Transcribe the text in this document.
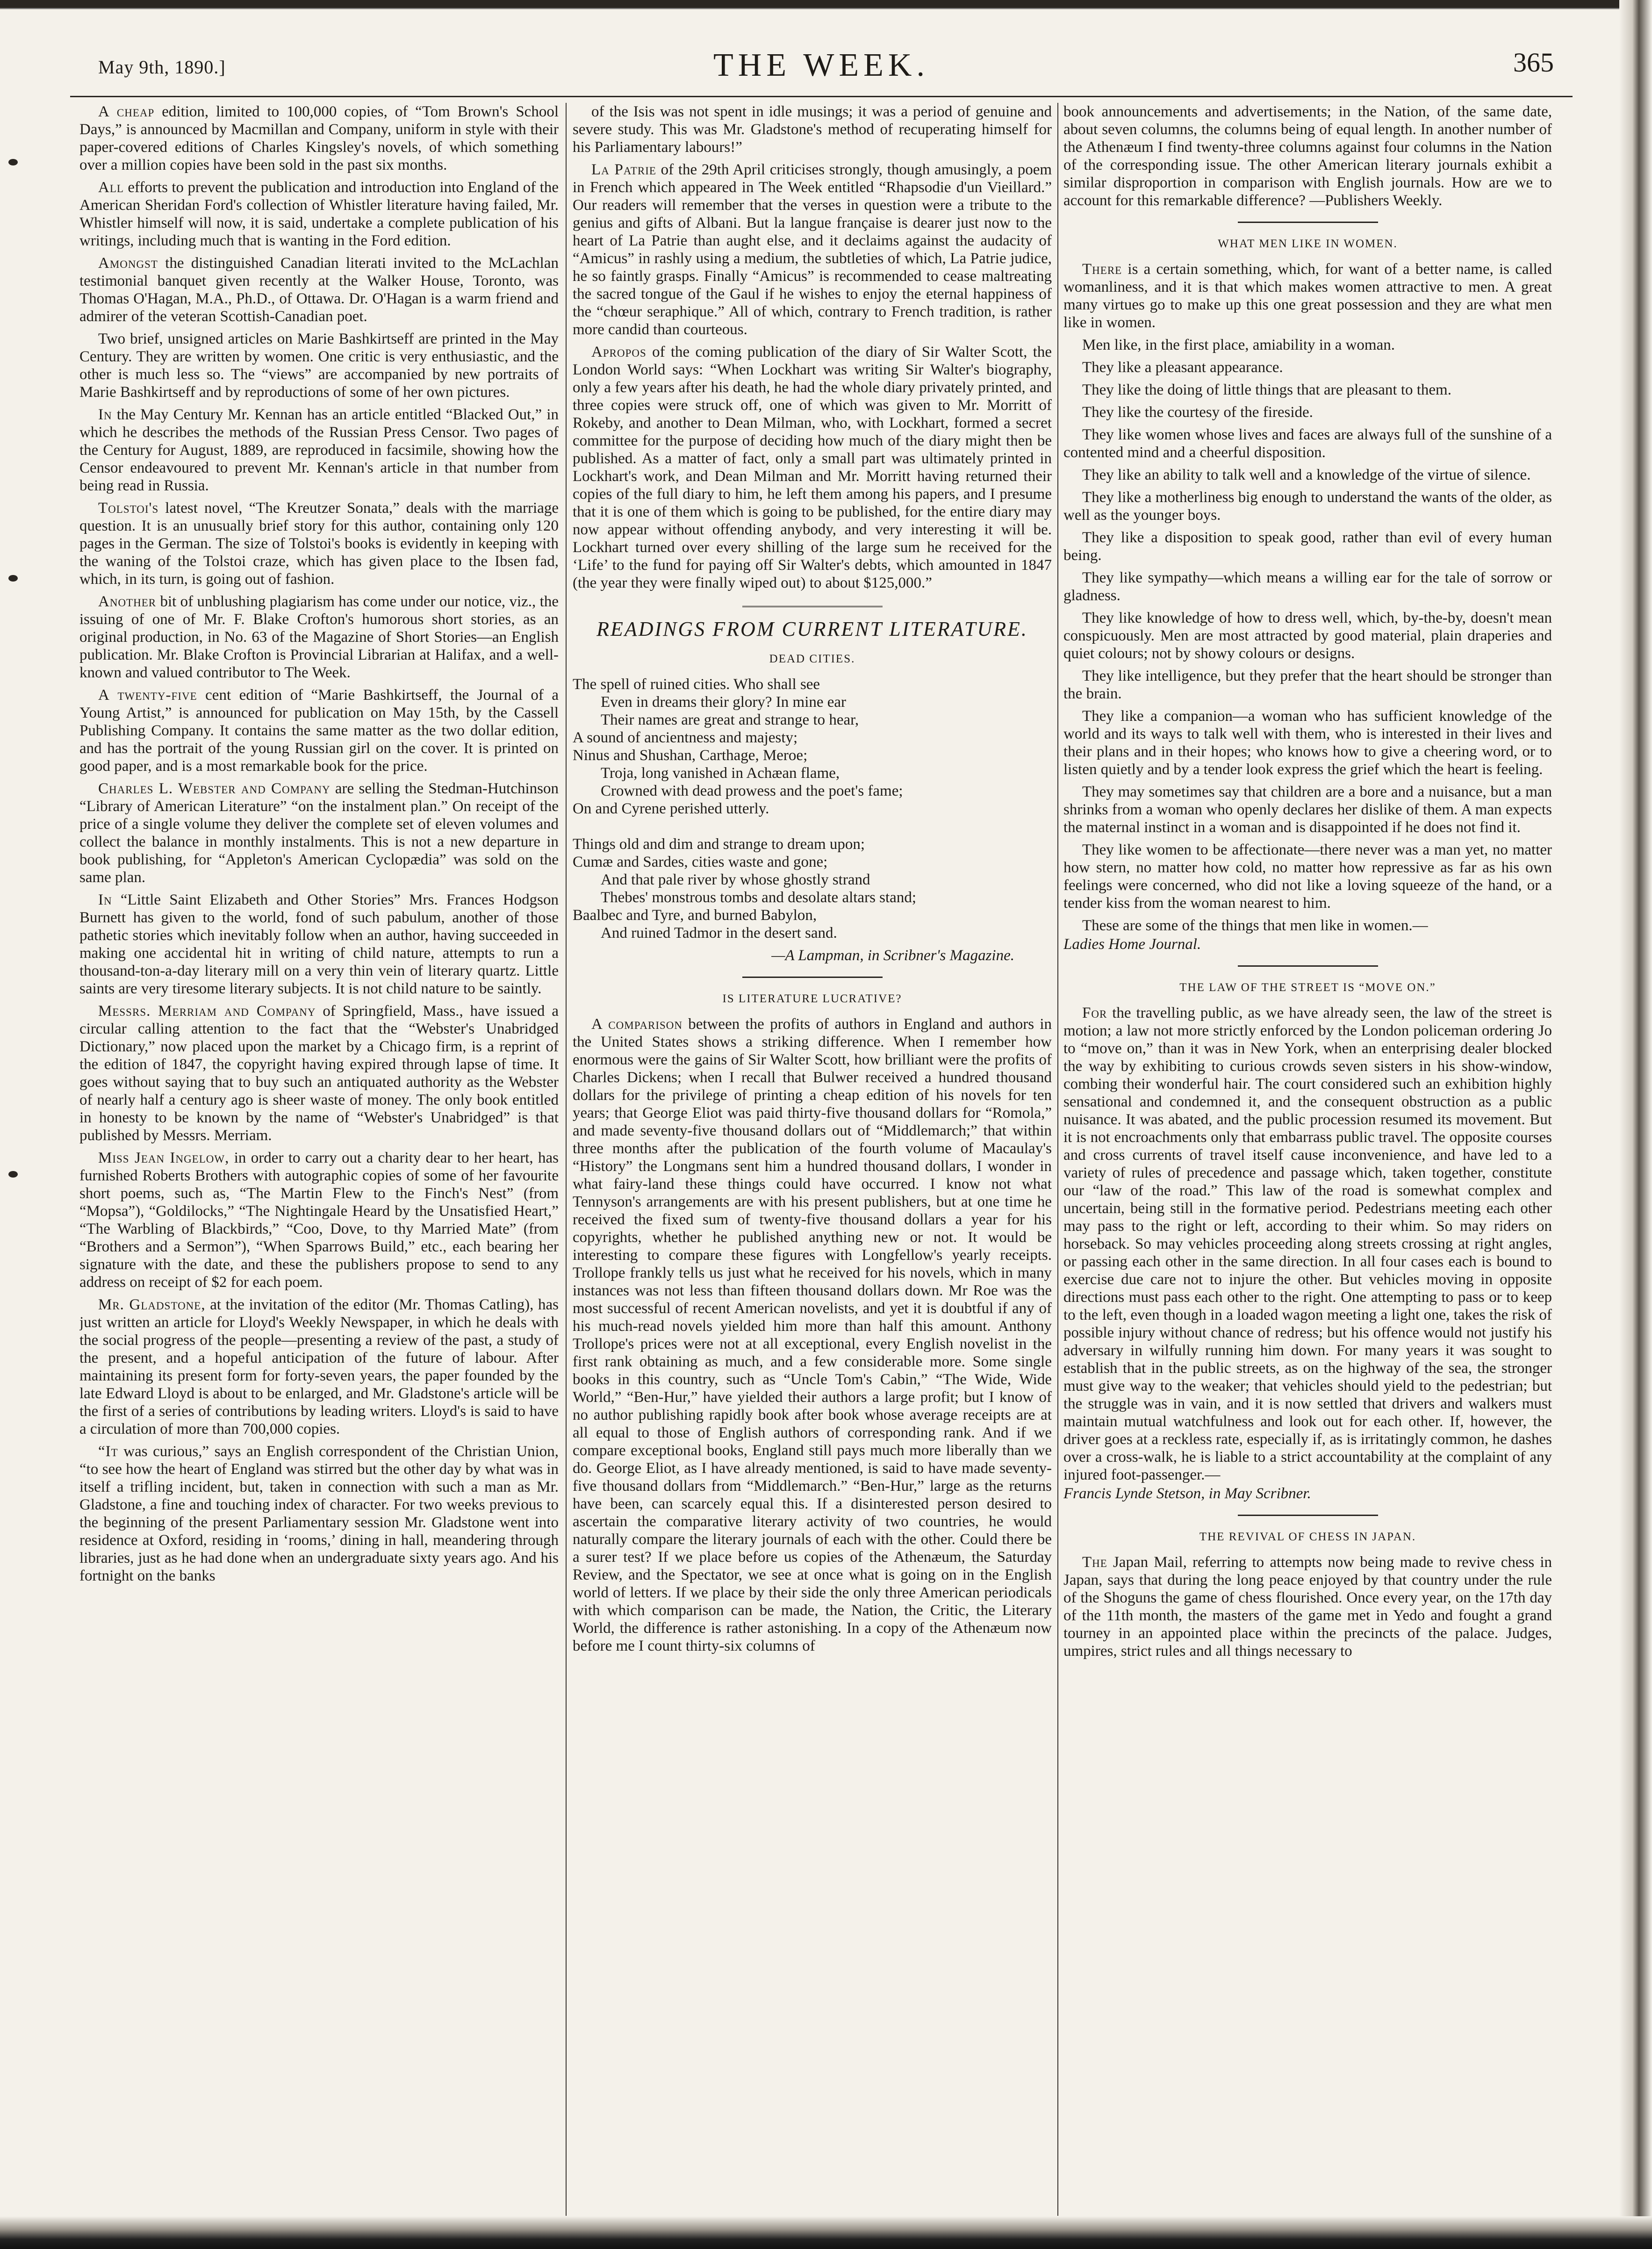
May 9th, 1890.]	THE WEEK.	365

A cheap edition, limited to 100,000 copies, of “Tom Brown's School Days,” is announced by Macmillan and Company, uniform in style with their paper-covered editions of Charles Kingsley's novels, of which something over a million copies have been sold in the past six months.

All efforts to prevent the publication and introduction into England of the American Sheridan Ford's collection of Whistler literature having failed, Mr. Whistler himself will now, it is said, undertake a complete publication of his writings, including much that is wanting in the Ford edition.

Amongst the distinguished Canadian literati invited to the McLachlan testimonial banquet given recently at the Walker House, Toronto, was Thomas O'Hagan, M.A., Ph.D., of Ottawa. Dr. O'Hagan is a warm friend and admirer of the veteran Scottish-Canadian poet.

Two brief, unsigned articles on Marie Bashkirtseff are printed in the May Century. They are written by women. One critic is very enthusiastic, and the other is much less so. The “views” are accompanied by new portraits of Marie Bashkirtseff and by reproductions of some of her own pictures.

In the May Century Mr. Kennan has an article entitled “Blacked Out,” in which he describes the methods of the Russian Press Censor. Two pages of the Century for August, 1889, are reproduced in facsimile, showing how the Censor endeavoured to prevent Mr. Kennan's article in that number from being read in Russia.

Tolstoi's latest novel, “The Kreutzer Sonata,” deals with the marriage question. It is an unusually brief story for this author, containing only 120 pages in the German. The size of Tolstoi's books is evidently in keeping with the waning of the Tolstoi craze, which has given place to the Ibsen fad, which, in its turn, is going out of fashion.

Another bit of unblushing plagiarism has come under our notice, viz., the issuing of one of Mr. F. Blake Crofton's humorous short stories, as an original production, in No. 63 of the Magazine of Short Stories—an English publication. Mr. Blake Crofton is Provincial Librarian at Halifax, and a well-known and valued contributor to The Week.

A twenty-five cent edition of “Marie Bashkirtseff, the Journal of a Young Artist,” is announced for publication on May 15th, by the Cassell Publishing Company. It contains the same matter as the two dollar edition, and has the portrait of the young Russian girl on the cover. It is printed on good paper, and is a most remarkable book for the price.

Charles L. Webster and Company are selling the Stedman-Hutchinson “Library of American Literature” “on the instalment plan.” On receipt of the price of a single volume they deliver the complete set of eleven volumes and collect the balance in monthly instalments. This is not a new departure in book publishing, for “Appleton's American Cyclopædia” was sold on the same plan.

In “Little Saint Elizabeth and Other Stories” Mrs. Frances Hodgson Burnett has given to the world, fond of such pabulum, another of those pathetic stories which inevitably follow when an author, having succeeded in making one accidental hit in writing of child nature, attempts to run a thousand-ton-a-day literary mill on a very thin vein of literary quartz. Little saints are very tiresome literary subjects. It is not child nature to be saintly.

Messrs. Merriam and Company of Springfield, Mass., have issued a circular calling attention to the fact that the “Webster's Unabridged Dictionary,” now placed upon the market by a Chicago firm, is a reprint of the edition of 1847, the copyright having expired through lapse of time. It goes without saying that to buy such an antiquated authority as the Webster of nearly half a century ago is sheer waste of money. The only book entitled in honesty to be known by the name of “Webster's Unabridged” is that published by Messrs. Merriam.

Miss Jean Ingelow, in order to carry out a charity dear to her heart, has furnished Roberts Brothers with autographic copies of some of her favourite short poems, such as, “The Martin Flew to the Finch's Nest” (from “Mopsa”), “Goldilocks,” “The Nightingale Heard by the Unsatisfied Heart,” “The Warbling of Blackbirds,” “Coo, Dove, to thy Married Mate” (from “Brothers and a Sermon”), “When Sparrows Build,” etc., each bearing her signature with the date, and these the publishers propose to send to any address on receipt of $2 for each poem.

Mr. Gladstone, at the invitation of the editor (Mr. Thomas Catling), has just written an article for Lloyd's Weekly Newspaper, in which he deals with the social progress of the people—presenting a review of the past, a study of the present, and a hopeful anticipation of the future of labour. After maintaining its present form for forty-seven years, the paper founded by the late Edward Lloyd is about to be enlarged, and Mr. Gladstone's article will be the first of a series of contributions by leading writers. Lloyd's is said to have a circulation of more than 700,000 copies.

“It was curious,” says an English correspondent of the Christian Union, “to see how the heart of England was stirred but the other day by what was in itself a trifling incident, but, taken in connection with such a man as Mr. Gladstone, a fine and touching index of character. For two weeks previous to the beginning of the present Parliamentary session Mr. Gladstone went into residence at Oxford, residing in ‘rooms,’ dining in hall, meandering through libraries, just as he had done when an undergraduate sixty years ago. And his fortnight on the banks

of the Isis was not spent in idle musings; it was a period of genuine and severe study. This was Mr. Gladstone's method of recuperating himself for his Parliamentary labours!”

La Patrie of the 29th April criticises strongly, though amusingly, a poem in French which appeared in The Week entitled “Rhapsodie d'un Vieillard.” Our readers will remember that the verses in question were a tribute to the genius and gifts of Albani. But la langue française is dearer just now to the heart of La Patrie than aught else, and it declaims against the audacity of “Amicus” in rashly using a medium, the subtleties of which, La Patrie judice, he so faintly grasps. Finally “Amicus” is recommended to cease maltreating the sacred tongue of the Gaul if he wishes to enjoy the eternal happiness of the “chœur seraphique.” All of which, contrary to French tradition, is rather more candid than courteous.

Apropos of the coming publication of the diary of Sir Walter Scott, the London World says: “When Lockhart was writing Sir Walter's biography, only a few years after his death, he had the whole diary privately printed, and three copies were struck off, one of which was given to Mr. Morritt of Rokeby, and another to Dean Milman, who, with Lockhart, formed a secret committee for the purpose of deciding how much of the diary might then be published. As a matter of fact, only a small part was ultimately printed in Lockhart's work, and Dean Milman and Mr. Morritt having returned their copies of the full diary to him, he left them among his papers, and I presume that it is one of them which is going to be published, for the entire diary may now appear without offending anybody, and very interesting it will be. Lockhart turned over every shilling of the large sum he received for the ‘Life’ to the fund for paying off Sir Walter's debts, which amounted in 1847 (the year they were finally wiped out) to about $125,000.”

READINGS FROM CURRENT LITERATURE.
DEAD CITIES.
The spell of ruined cities. Who shall see
Even in dreams their glory? In mine ear
Their names are great and strange to hear,
A sound of ancientness and majesty;
Ninus and Shushan, Carthage, Meroe;
Troja, long vanished in Achæan flame,
Crowned with dead prowess and the poet's fame;
On and Cyrene perished utterly.

Things old and dim and strange to dream upon;
Cumæ and Sardes, cities waste and gone;
And that pale river by whose ghostly strand
Thebes' monstrous tombs and desolate altars stand;
Baalbec and Tyre, and burned Babylon,
And ruined Tadmor in the desert sand.
—A Lampman, in Scribner's Magazine.
IS LITERATURE LUCRATIVE?

A comparison between the profits of authors in England and authors in the United States shows a striking difference. When I remember how enormous were the gains of Sir Walter Scott, how brilliant were the profits of Charles Dickens; when I recall that Bulwer received a hundred thousand dollars for the privilege of printing a cheap edition of his novels for ten years; that George Eliot was paid thirty-five thousand dollars for “Romola,” and made seventy-five thousand dollars out of “Middlemarch;” that within three months after the publication of the fourth volume of Macaulay's “History” the Longmans sent him a hundred thousand dollars, I wonder in what fairy-land these things could have occurred. I know not what Tennyson's arrangements are with his present publishers, but at one time he received the fixed sum of twenty-five thousand dollars a year for his copyrights, whether he published anything new or not. It would be interesting to compare these figures with Longfellow's yearly receipts. Trollope frankly tells us just what he received for his novels, which in many instances was not less than fifteen thousand dollars down. Mr Roe was the most successful of recent American novelists, and yet it is doubtful if any of his much-read novels yielded him more than half this amount. Anthony Trollope's prices were not at all exceptional, every English novelist in the first rank obtaining as much, and a few considerable more. Some single books in this country, such as “Uncle Tom's Cabin,” “The Wide, Wide World,” “Ben-Hur,” have yielded their authors a large profit; but I know of no author publishing rapidly book after book whose average receipts are at all equal to those of English authors of corresponding rank. And if we compare exceptional books, England still pays much more liberally than we do. George Eliot, as I have already mentioned, is said to have made seventy-five thousand dollars from “Middlemarch.” “Ben-Hur,” large as the returns have been, can scarcely equal this. If a disinterested person desired to ascertain the comparative literary activity of two countries, he would naturally compare the literary journals of each with the other. Could there be a surer test? If we place before us copies of the Athenæum, the Saturday Review, and the Spectator, we see at once what is going on in the English world of letters. If we place by their side the only three American periodicals with which comparison can be made, the Nation, the Critic, the Literary World, the difference is rather astonishing. In a copy of the Athenæum now before me I count thirty-six columns of

book announcements and advertisements; in the Nation, of the same date, about seven columns, the columns being of equal length. In another number of the Athenæum I find twenty-three columns against four columns in the Nation of the corresponding issue. The other American literary journals exhibit a similar disproportion in comparison with English journals. How are we to account for this remarkable difference? —Publishers Weekly.

WHAT MEN LIKE IN WOMEN.

There is a certain something, which, for want of a better name, is called womanliness, and it is that which makes women attractive to men. A great many virtues go to make up this one great possession and they are what men like in women.

Men like, in the first place, amiability in a woman.

They like a pleasant appearance.

They like the doing of little things that are pleasant to them.

They like the courtesy of the fireside.

They like women whose lives and faces are always full of the sunshine of a contented mind and a cheerful disposition.

They like an ability to talk well and a knowledge of the virtue of silence.

They like a motherliness big enough to understand the wants of the older, as well as the younger boys.

They like a disposition to speak good, rather than evil of every human being.

They like sympathy—which means a willing ear for the tale of sorrow or gladness.

They like knowledge of how to dress well, which, by-the-by, doesn't mean conspicuously. Men are most attracted by good material, plain draperies and quiet colours; not by showy colours or designs.

They like intelligence, but they prefer that the heart should be stronger than the brain.

They like a companion—a woman who has sufficient knowledge of the world and its ways to talk well with them, who is interested in their lives and their plans and in their hopes; who knows how to give a cheering word, or to listen quietly and by a tender look express the grief which the heart is feeling.

They may sometimes say that children are a bore and a nuisance, but a man shrinks from a woman who openly declares her dislike of them. A man expects the maternal instinct in a woman and is disappointed if he does not find it.

They like women to be affectionate—there never was a man yet, no matter how stern, no matter how cold, no matter how repressive as far as his own feelings were concerned, who did not like a loving squeeze of the hand, or a tender kiss from the woman nearest to him.

These are some of the things that men like in women.—

Ladies Home Journal.
THE LAW OF THE STREET IS “MOVE ON.”

For the travelling public, as we have already seen, the law of the street is motion; a law not more strictly enforced by the London policeman ordering Jo to “move on,” than it was in New York, when an enterprising dealer blocked the way by exhibiting to curious crowds seven sisters in his show-window, combing their wonderful hair. The court considered such an exhibition highly sensational and condemned it, and the consequent obstruction as a public nuisance. It was abated, and the public procession resumed its movement. But it is not encroachments only that embarrass public travel. The opposite courses and cross currents of travel itself cause inconvenience, and have led to a variety of rules of precedence and passage which, taken together, constitute our “law of the road.” This law of the road is somewhat complex and uncertain, being still in the formative period. Pedestrians meeting each other may pass to the right or left, according to their whim. So may riders on horseback. So may vehicles proceeding along streets crossing at right angles, or passing each other in the same direction. In all four cases each is bound to exercise due care not to injure the other. But vehicles moving in opposite directions must pass each other to the right. One attempting to pass or to keep to the left, even though in a loaded wagon meeting a light one, takes the risk of possible injury without chance of redress; but his offence would not justify his adversary in wilfully running him down. For many years it was sought to establish that in the public streets, as on the highway of the sea, the stronger must give way to the weaker; that vehicles should yield to the pedestrian; but the struggle was in vain, and it is now settled that drivers and walkers must maintain mutual watchfulness and look out for each other. If, however, the driver goes at a reckless rate, especially if, as is irritatingly common, he dashes over a cross-walk, he is liable to a strict accountability at the complaint of any injured foot-passenger.—

Francis Lynde Stetson, in May Scribner.
THE REVIVAL OF CHESS IN JAPAN.

The Japan Mail, referring to attempts now being made to revive chess in Japan, says that during the long peace enjoyed by that country under the rule of the Shoguns the game of chess flourished. Once every year, on the 17th day of the 11th month, the masters of the game met in Yedo and fought a grand tourney in an appointed place within the precincts of the palace. Judges, umpires, strict rules and all things necessary to
